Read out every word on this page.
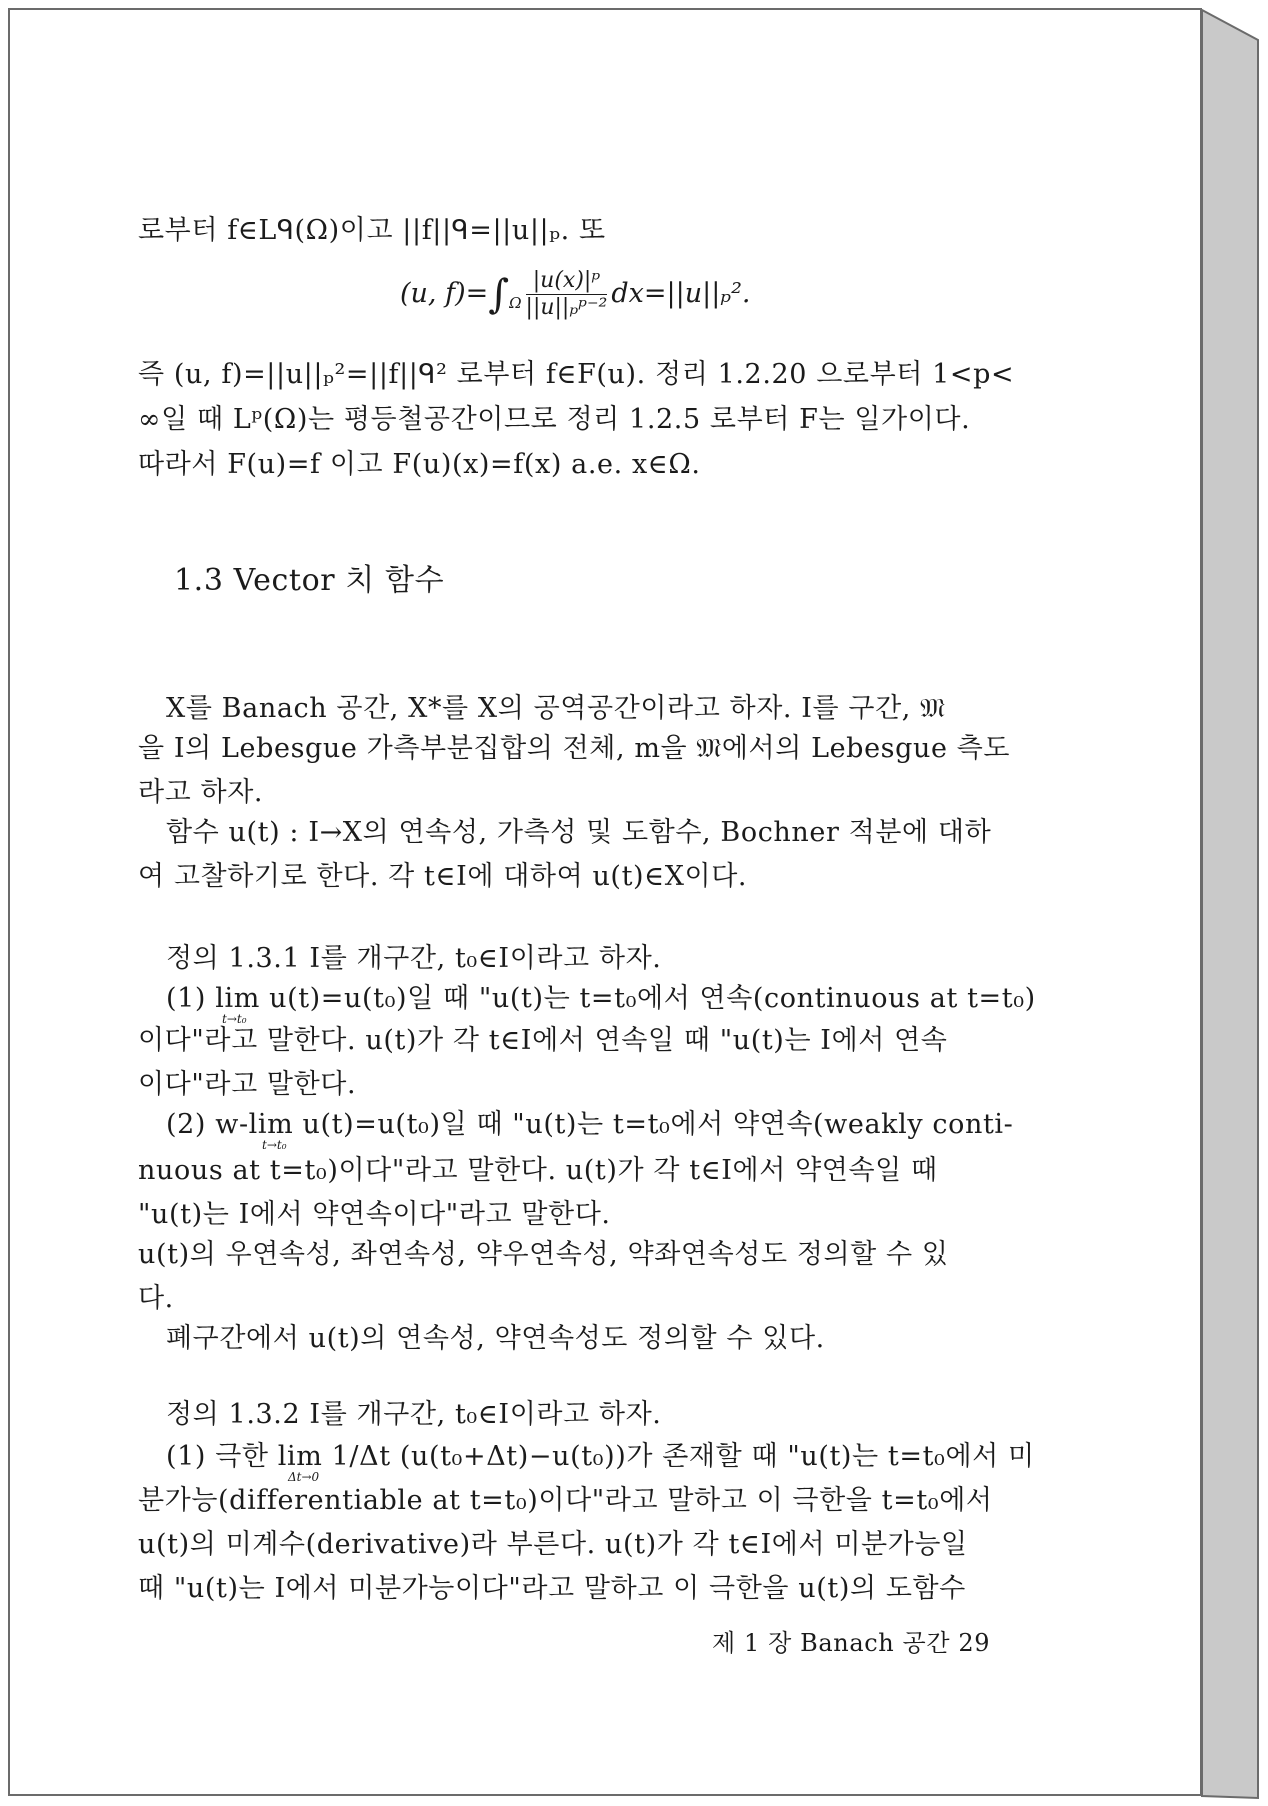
로부터 f∈Lᑫ(Ω)이고 ||f||ᑫ=||u||ₚ. 또
(u, $f)=\int_\Omega \frac{\text{|u(x)|ᵖ}}{\text{||u||ₚᵖ⁻²}} dx=||u||_p^2$.
즉 (u, f)=||u||ₚ²=||f||ᑫ² 로부터 f∈F(u). 정리 1.2.20 으로부터 1<p<
∞일 때 Lᵖ(Ω)는 평등철공간이므로 정리 1.2.5 로부터 F는 일가이다.
따라서 F(u)=f 이고 F(u)(x)=f(x) a.e. x∈Ω.
1.3 Vector 치 함수
X를 Banach 공간, X*를 X의 공역공간이라고 하자. I를 구간, 𝔐
을 I의 Lebesgue 가측부분집합의 전체, m을 𝔐에서의 Lebesgue 측도
라고 하자.
함수 u(t) : I→X의 연속성, 가측성 및 도함수, Bochner 적분에 대하
여 고찰하기로 한다. 각 t∈I에 대하여 u(t)∈X이다.
정의 1.3.1 I를 개구간, t₀∈I이라고 하자.
(1) lim u(t)=u(t₀)일 때 "u(t)는 t=t₀에서 연속(continuous at t=t₀)
t→t₀
이다"라고 말한다. u(t)가 각 t∈I에서 연속일 때 "u(t)는 I에서 연속
이다"라고 말한다.
(2) w-lim u(t)=u(t₀)일 때 "u(t)는 t=t₀에서 약연속(weakly conti-
t→t₀
nuous at t=t₀)이다"라고 말한다. u(t)가 각 t∈I에서 약연속일 때
"u(t)는 I에서 약연속이다"라고 말한다.
u(t)의 우연속성, 좌연속성, 약우연속성, 약좌연속성도 정의할 수 있
다.
폐구간에서 u(t)의 연속성, 약연속성도 정의할 수 있다.
정의 1.3.2 I를 개구간, t₀∈I이라고 하자.
(1) 극한 lim 1/Δt (u(t₀+Δt)−u(t₀))가 존재할 때 "u(t)는 t=t₀에서 미
Δt→0
분가능(differentiable at t=t₀)이다"라고 말하고 이 극한을 t=t₀에서
u(t)의 미계수(derivative)라 부른다. u(t)가 각 t∈I에서 미분가능일
때 "u(t)는 I에서 미분가능이다"라고 말하고 이 극한을 u(t)의 도함수
제 1 장 Banach 공간 29
